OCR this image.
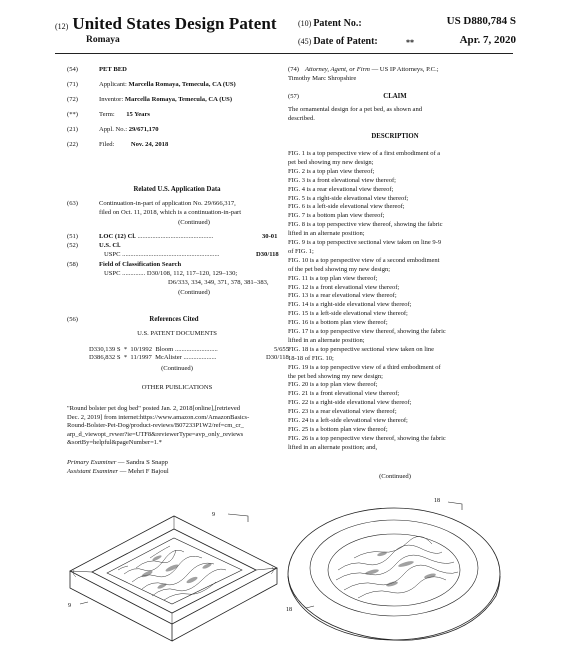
(12) United States Design Patent
Romaya
(10) Patent No.:	US D880,784 S
(45) Date of Patent:	**	Apr. 7, 2020
(54)	PET BED
(71)	Applicant: Marcella Romaya, Temecula, CA (US)
(72)	Inventor: Marcella Romaya, Temecula, CA (US)
(**)	Term: 15 Years
(21)	Appl. No.: 29/671,170
(22)	Filed: Nov. 24, 2018
Related U.S. Application Data
(63)	Continuation-in-part of application No. 29/666,317,
filed on Oct. 11, 2018, which is a continuation-in-part
(Continued)
(51)	LOC (12) Cl. ..............................................	30-01
(52)	U.S. Cl.
USPC ...........................................................	D30/118
(58)	Field of Classification Search
USPC .............. D30/108, 112, 117–120, 129–130;
D6/333, 334, 349, 371, 378, 381–383,
(Continued)
(56)	References Cited
U.S. PATENT DOCUMENTS
D330,139 S * 10/1992 Bloom ..........................	5/655
D386,832 S * 11/1997 McAlister ....................	D30/118
(Continued)
OTHER PUBLICATIONS
"Round bolster pet dog bed" posted Jan. 2, 2018[online],[retrieved
Dec. 2, 2019] from internet:https://www.amazon.com/AmazonBasics-
Round-Bolster-Pet-Dog/product-reviews/B07233P1W2/ref=cm_cr_
arp_d_viewopt_rvwer?ie=UTF8&reviewerType=avp_only_reviews
&sortBy=helpful&pageNumber=1.*
Primary Examiner — Sandra S Snapp
Assistant Examiner — Mehri F Bajoul
(74) Attorney, Agent, or Firm — US IP Attorneys, P.C.;
Timothy Marc Shropshire
(57)	CLAIM
The ornamental design for a pet bed, as shown and
described.
DESCRIPTION
FIG. 1 is a top perspective view of a first embodiment of a
pet bed showing my new design;
FIG. 2 is a top plan view thereof;
FIG. 3 is a front elevational view thereof;
FIG. 4 is a rear elevational view thereof;
FIG. 5 is a right-side elevational view thereof;
FIG. 6 is a left-side elevational view thereof;
FIG. 7 is a bottom plan view thereof;
FIG. 8 is a top perspective view thereof, showing the fabric
lifted in an alternate position;
FIG. 9 is a top perspective sectional view taken on line 9-9
of FIG. 1;
FIG. 10 is a top perspective view of a second embodiment
of the pet bed showing my new design;
FIG. 11 is a top plan view thereof;
FIG. 12 is a front elevational view thereof;
FIG. 13 is a rear elevational view thereof;
FIG. 14 is a right-side elevational view thereof;
FIG. 15 is a left-side elevational view thereof;
FIG. 16 is a bottom plan view thereof;
FIG. 17 is a top perspective view thereof, showing the fabric
lifted in an alternate position;
FIG. 18 is a top perspective sectional view taken on line
18-18 of FIG. 10;
FIG. 19 is a top perspective view of a third embodiment of
the pet bed showing my new design;
FIG. 20 is a top plan view thereof;
FIG. 21 is a front elevational view thereof;
FIG. 22 is a right-side elevational view thereof;
FIG. 23 is a rear elevational view thereof;
FIG. 24 is a left-side elevational view thereof;
FIG. 25 is a bottom plan view thereof;
FIG. 26 is a top perspective view thereof, showing the fabric
lifted in an alternate position; and,
(Continued)
9
9
18
18
